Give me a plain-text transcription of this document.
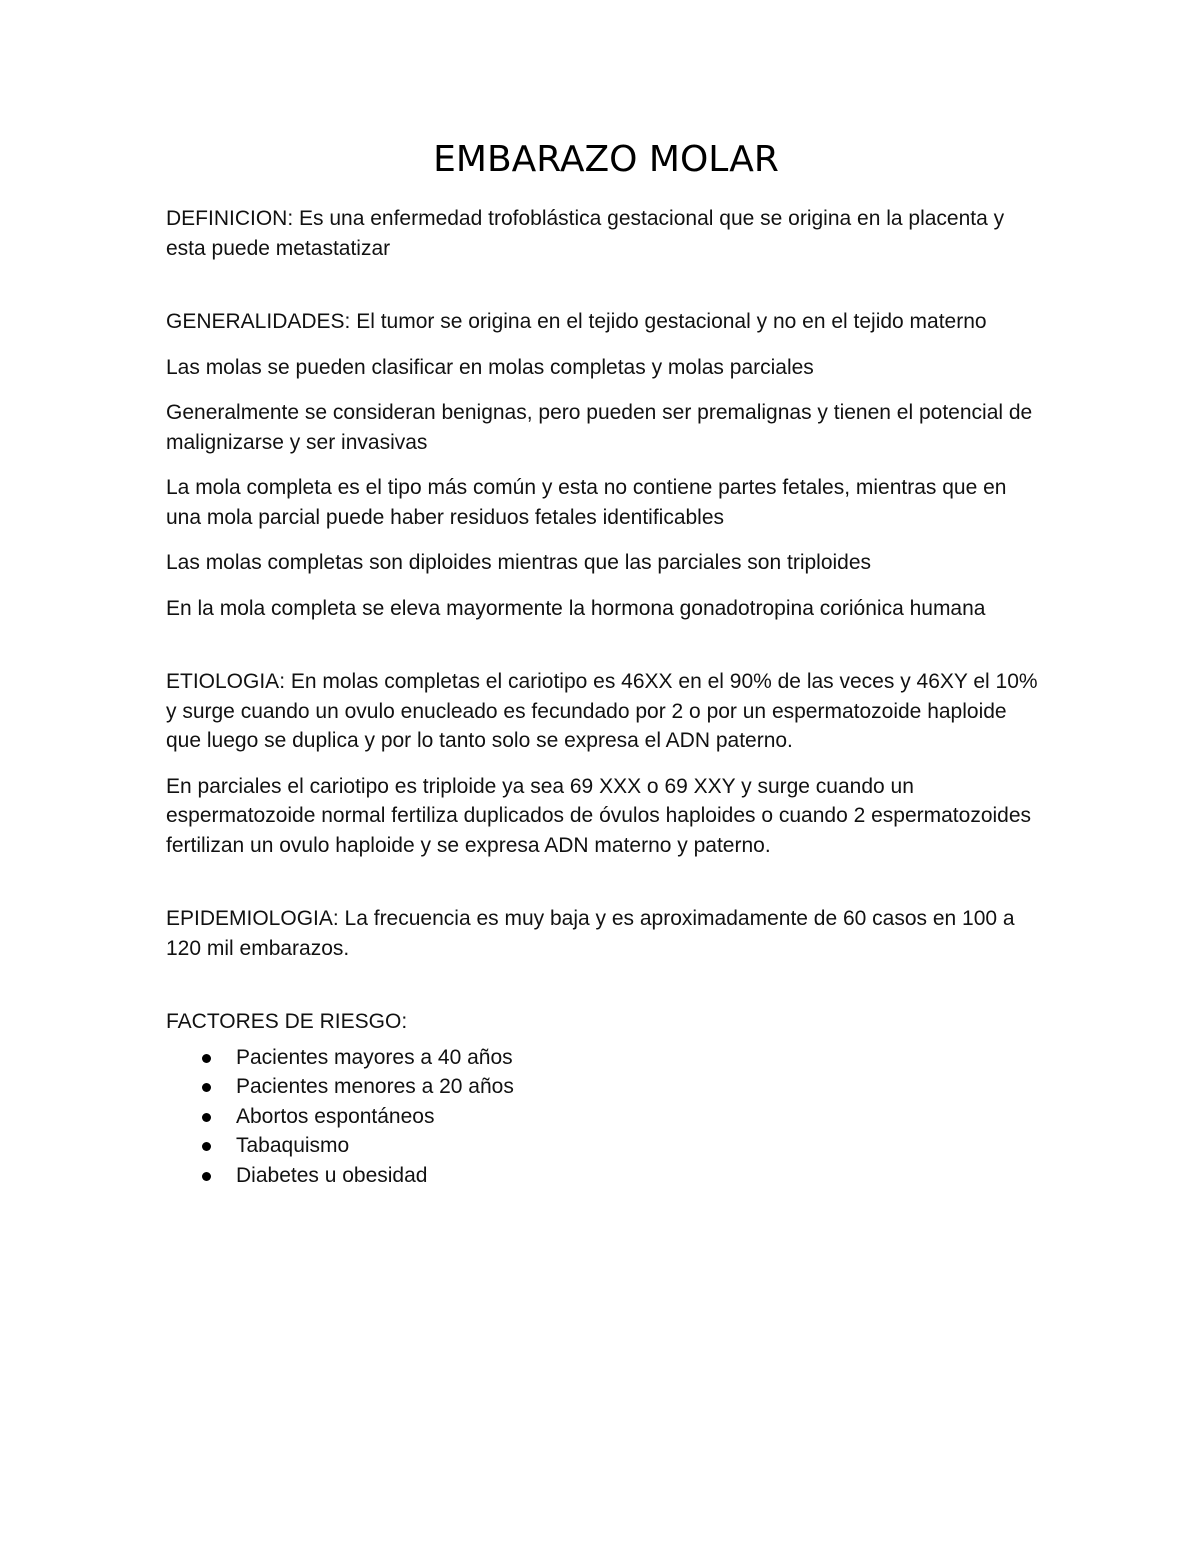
EMBARAZO MOLAR

DEFINICION: Es una enfermedad trofoblástica gestacional que se origina en la placenta y esta puede metastatizar

GENERALIDADES: El tumor se origina en el tejido gestacional y no en el tejido materno

Las molas se pueden clasificar en molas completas y molas parciales

Generalmente se consideran benignas, pero pueden ser premalignas y tienen el potencial de malignizarse y ser invasivas

La mola completa es el tipo más común y esta no contiene partes fetales, mientras que en una mola parcial puede haber residuos fetales identificables

Las molas completas son diploides mientras que las parciales son triploides

En la mola completa se eleva mayormente la hormona gonadotropina coriónica humana

ETIOLOGIA: En molas completas el cariotipo es 46XX en el 90% de las veces y 46XY el 10% y surge cuando un ovulo enucleado es fecundado por 2 o por un espermatozoide haploide que luego se duplica y por lo tanto solo se expresa el ADN paterno.

En parciales el cariotipo es triploide ya sea 69 XXX o 69 XXY y surge cuando un espermatozoide normal fertiliza duplicados de óvulos haploides o cuando 2 espermatozoides fertilizan un ovulo haploide y se expresa ADN materno y paterno.

EPIDEMIOLOGIA: La frecuencia es muy baja y es aproximadamente de 60 casos en 100 a 120 mil embarazos.

FACTORES DE RIESGO:

Pacientes mayores a 40 años
Pacientes menores a 20 años
Abortos espontáneos
Tabaquismo
Diabetes u obesidad
